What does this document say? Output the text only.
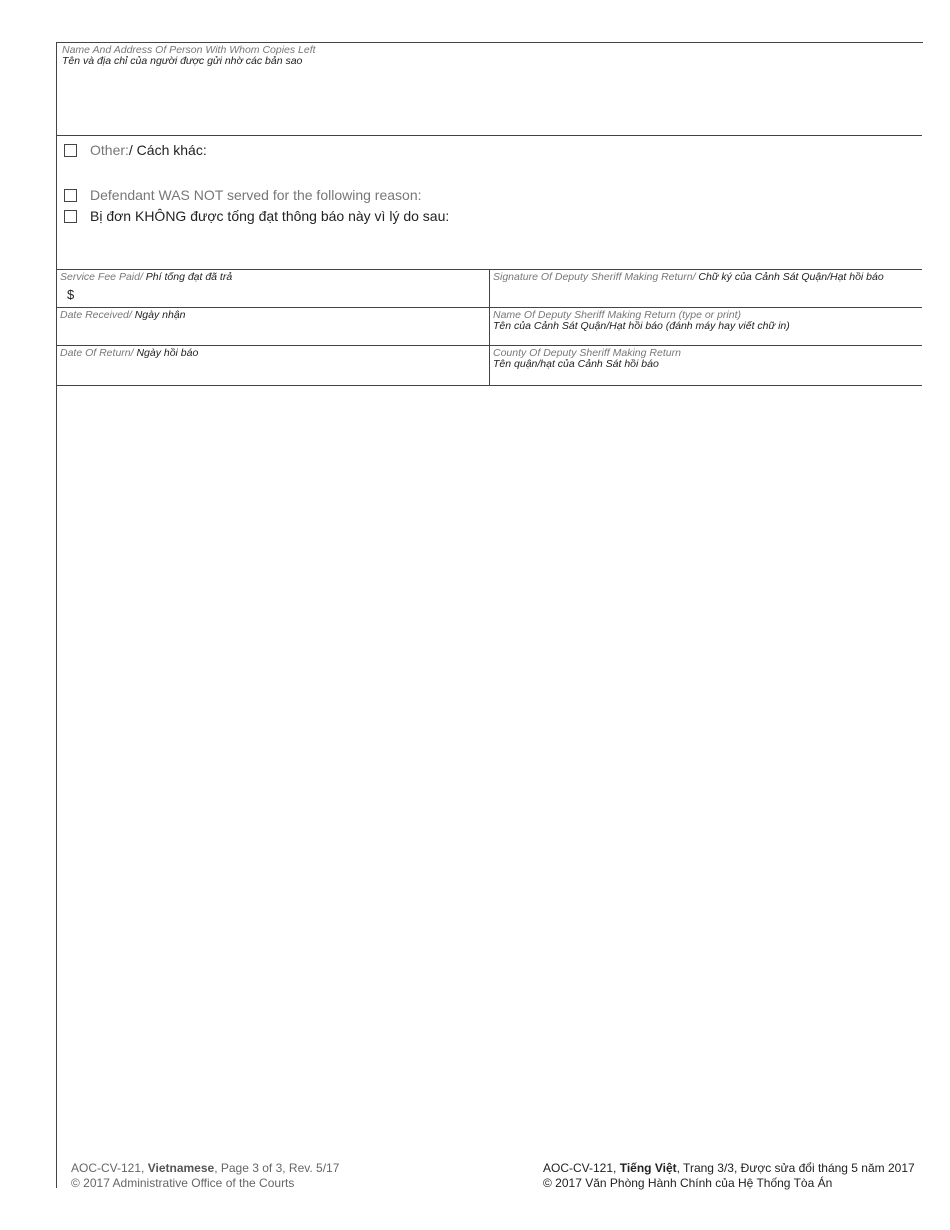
Name And Address Of Person With Whom Copies Left
Tên và địa chỉ của người được gửi nhờ các bản sao
Other: / Cách khác:
Defendant WAS NOT served for the following reason:
Bị đơn KHÔNG được tống đạt thông báo này vì lý do sau:
Service Fee Paid/ Phí tống đạt đã trả
$
Signature Of Deputy Sheriff Making Return/ Chữ ký của Cảnh Sát Quận/Hạt hồi báo
Date Received/ Ngày nhận	Name Of Deputy Sheriff Making Return (type or print)
Tên của Cảnh Sát Quận/Hạt hồi báo (đánh máy hay viết chữ in)
Date Of Return/ Ngày hồi báo	County Of Deputy Sheriff Making Return
Tên quận/hạt của Cảnh Sát hồi báo
AOC-CV-121, Vietnamese, Page 3 of 3, Rev. 5/17
© 2017 Administrative Office of the Courts
AOC-CV-121, Tiếng Việt, Trang 3/3, Được sửa đổi tháng 5 năm 2017
© 2017 Văn Phòng Hành Chính của Hệ Thống Tòa Án
